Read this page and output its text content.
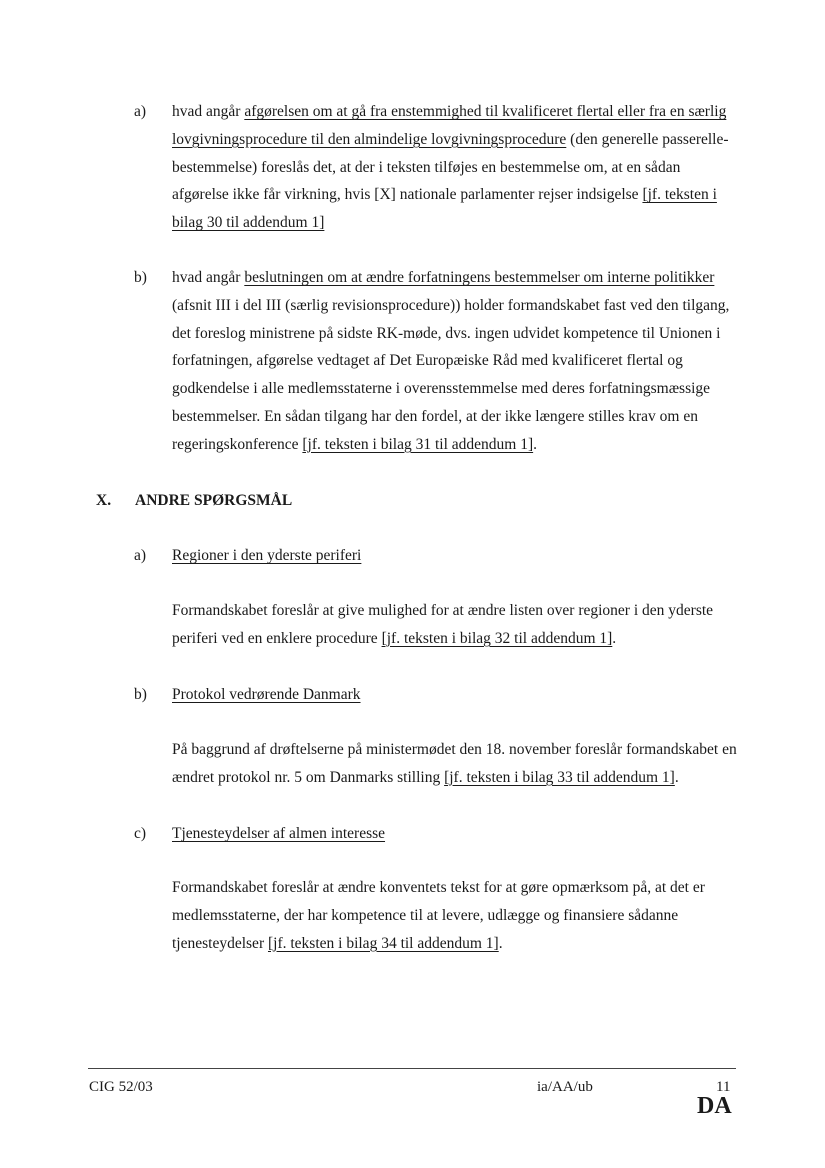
a) hvad angår afgørelsen om at gå fra enstemmighed til kvalificeret flertal eller fra en særlig lovgivningsprocedure til den almindelige lovgivningsprocedure (den generelle passerelle-bestemmelse) foreslås det, at der i teksten tilføjes en bestemmelse om, at en sådan afgørelse ikke får virkning, hvis [X] nationale parlamenter rejser indsigelse [jf. teksten i bilag 30 til addendum 1]
b) hvad angår beslutningen om at ændre forfatningens bestemmelser om interne politikker (afsnit III i del III (særlig revisionsprocedure)) holder formandskabet fast ved den tilgang, det foreslog ministrene på sidste RK-møde, dvs. ingen udvidet kompetence til Unionen i forfatningen, afgørelse vedtaget af Det Europæiske Råd med kvalificeret flertal og godkendelse i alle medlemsstaterne i overensstemmelse med deres forfatningsmæssige bestemmelser. En sådan tilgang har den fordel, at der ikke længere stilles krav om en regeringskonference [jf. teksten i bilag 31 til addendum 1].
X. ANDRE SPØRGSMÅL
a) Regioner i den yderste periferi
Formandskabet foreslår at give mulighed for at ændre listen over regioner i den yderste periferi ved en enklere procedure [jf. teksten i bilag 32 til addendum 1].
b) Protokol vedrørende Danmark
På baggrund af drøftelserne på ministermødet den 18. november foreslår formandskabet en ændret protokol nr. 5 om Danmarks stilling [jf. teksten i bilag 33 til addendum 1].
c) Tjenesteydelser af almen interesse
Formandskabet foreslår at ændre konventets tekst for at gøre opmærksom på, at det er medlemsstaterne, der har kompetence til at levere, udlægge og finansiere sådanne tjenesteydelser [jf. teksten i bilag 34 til addendum 1].
CIG 52/03	ia/AA/ub	11
DA
